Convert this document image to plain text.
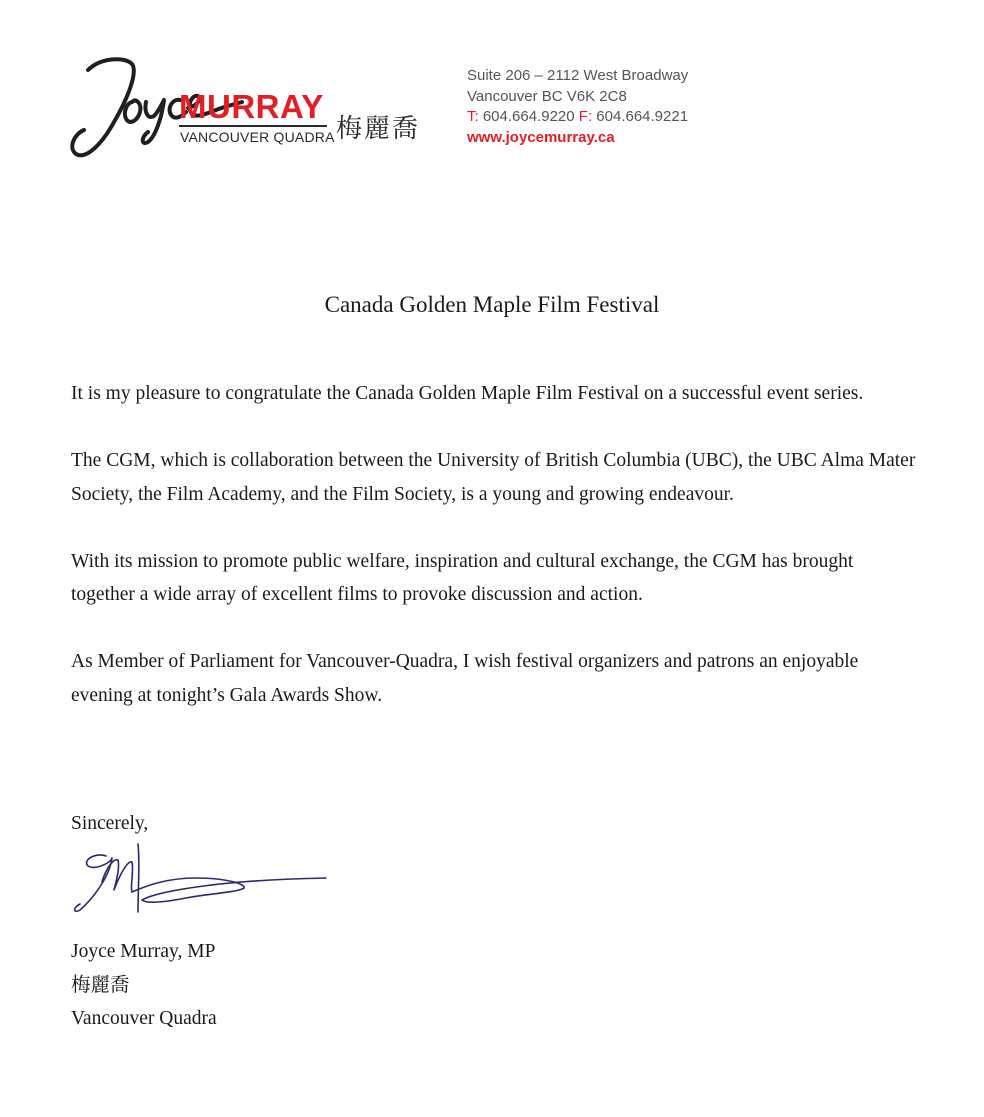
MURRAY
VANCOUVER QUADRA 梅麗喬
Suite 206 – 2112 West Broadway
Vancouver BC V6K 2C8
T: 604.664.9220 F: 604.664.9221
www.joycemurray.ca
Canada Golden Maple Film Festival

It is my pleasure to congratulate the Canada Golden Maple Film Festival on a successful event series.

The CGM, which is collaboration between the University of British Columbia (UBC), the UBC Alma Mater Society, the Film Academy, and the Film Society, is a young and growing endeavour.

With its mission to promote public welfare, inspiration and cultural exchange, the CGM has brought together a wide array of excellent films to provoke discussion and action.

As Member of Parliament for Vancouver-Quadra, I wish festival organizers and patrons an enjoyable evening at tonight’s Gala Awards Show.

Sincerely,

Joyce Murray, MP
梅麗喬
Vancouver Quadra
